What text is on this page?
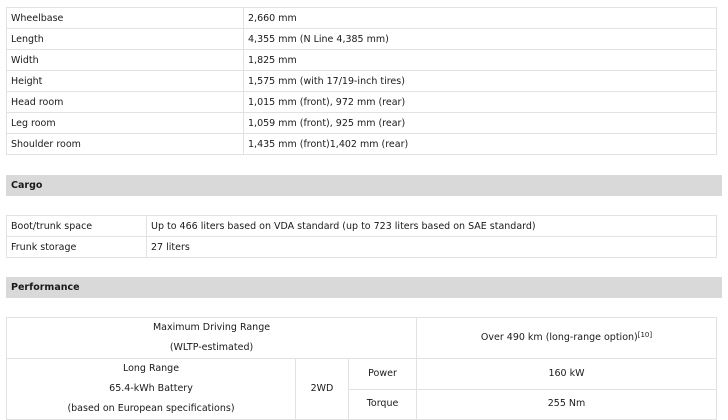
Wheelbase	2,660 mm
Length	4,355 mm (N Line 4,385 mm)
Width	1,825 mm
Height	1,575 mm (with 17/19-inch tires)
Head room	1,015 mm (front), 972 mm (rear)
Leg room	1,059 mm (front), 925 mm (rear)
Shoulder room	1,435 mm (front)1,402 mm (rear)
Cargo
Boot/trunk space	Up to 466 liters based on VDA standard (up to 723 liters based on SAE standard)
Frunk storage	27 liters
Performance
Maximum Driving Range
(WLTP-estimated)			Over 490 km (long-range option)[10]

Long Range
65.4-kWh Battery
(based on European specifications)	2WD	Power	160 kW
		Torque	255 Nm
